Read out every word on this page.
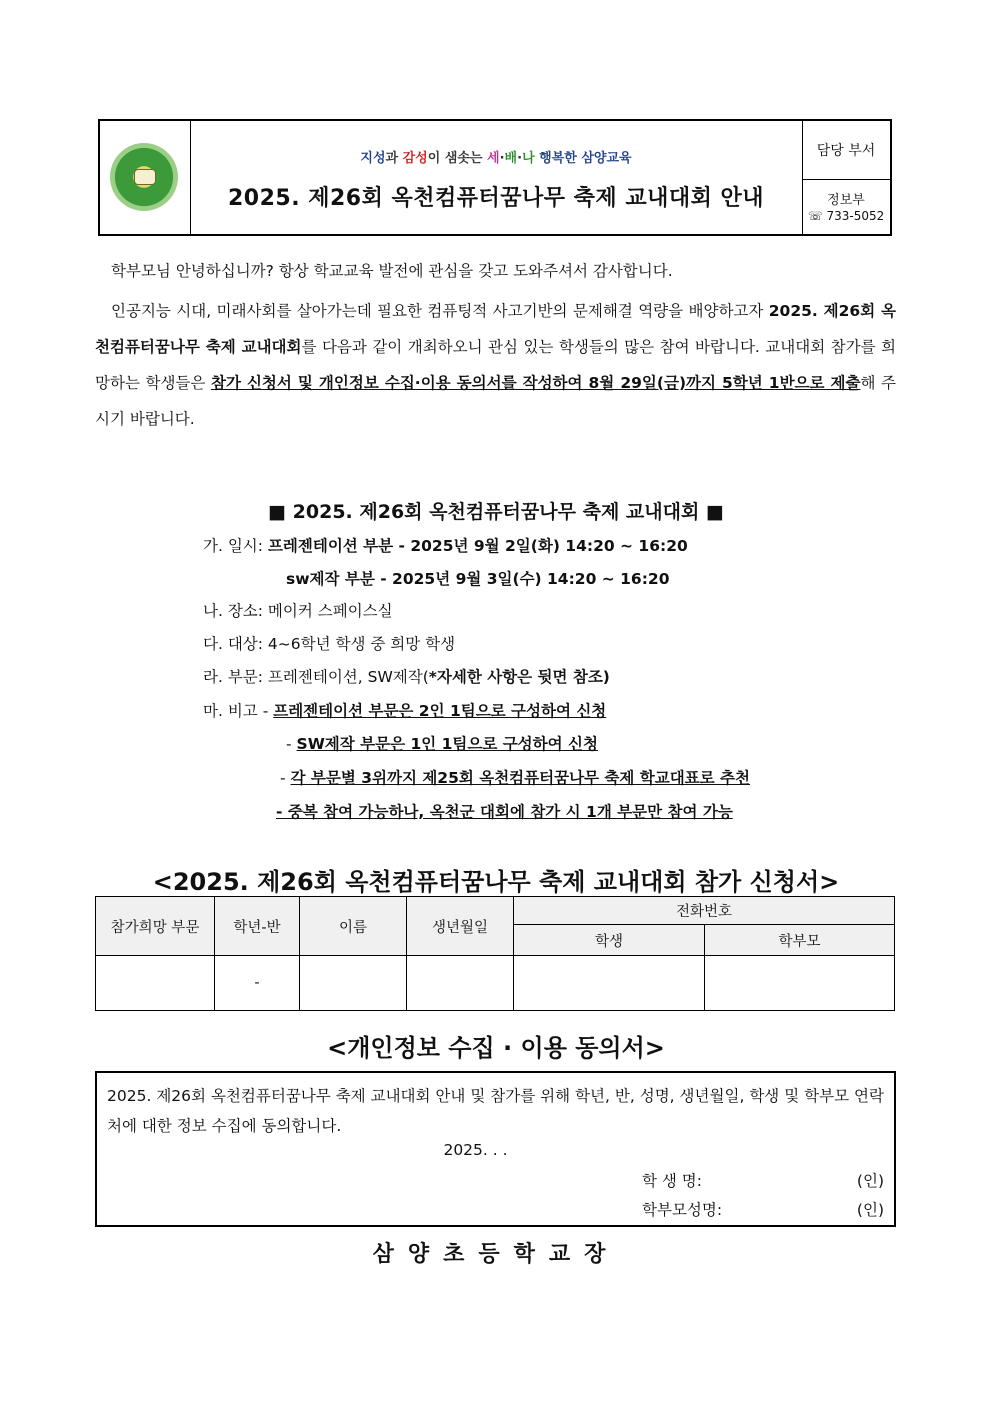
지성과 감성이 샘솟는 세·배·나 행복한 삼양교육
2025. 제26회 옥천컴퓨터꿈나무 축제 교내대회 안내
담당 부서
정보부
☏ 733-5052

학부모님 안녕하십니까? 항상 학교교육 발전에 관심을 갖고 도와주셔서 감사합니다.

인공지능 시대, 미래사회를 살아가는데 필요한 컴퓨팅적 사고기반의 문제해결 역량을 배양하고자 2025. 제26회 옥천컴퓨터꿈나무 축제 교내대회를 다음과 같이 개최하오니 관심 있는 학생들의 많은 참여 바랍니다. 교내대회 참가를 희망하는 학생들은 참가 신청서 및 개인정보 수집·이용 동의서를 작성하여 8월 29일(금)까지 5학년 1반으로 제출해 주시기 바랍니다.

■ 2025. 제26회 옥천컴퓨터꿈나무 축제 교내대회 ■
가. 일시: 프레젠테이션 부분 - 2025년 9월 2일(화) 14:20 ~ 16:20
sw제작 부분 - 2025년 9월 3일(수) 14:20 ~ 16:20
나. 장소: 메이커 스페이스실
다. 대상: 4~6학년 학생 중 희망 학생
라. 부문: 프레젠테이션, SW제작(*자세한 사항은 뒷면 참조)
마. 비고 - 프레젠테이션 부문은 2인 1팀으로 구성하여 신청
- SW제작 부문은 1인 1팀으로 구성하여 신청
- 각 부문별 3위까지 제25회 옥천컴퓨터꿈나무 축제 학교대표로 추천
- 중복 참여 가능하나, 옥천군 대회에 참가 시 1개 부문만 참여 가능
<2025. 제26회 옥천컴퓨터꿈나무 축제 교내대회 참가 신청서>
참가희망 부문	학년-반	이름	생년월일	전화번호	
				학생	학부모
	-				
<개인정보 수집 · 이용 동의서>
2025. 제26회 옥천컴퓨터꿈나무 축제 교내대회 안내 및 참가를 위해 학년, 반, 성명, 생년월일, 학생 및 학부모 연락처에 대한 정보 수집에 동의합니다.
2025. . .
학 생 명:	(인)
학부모성명:	(인)
삼양초등학교장
